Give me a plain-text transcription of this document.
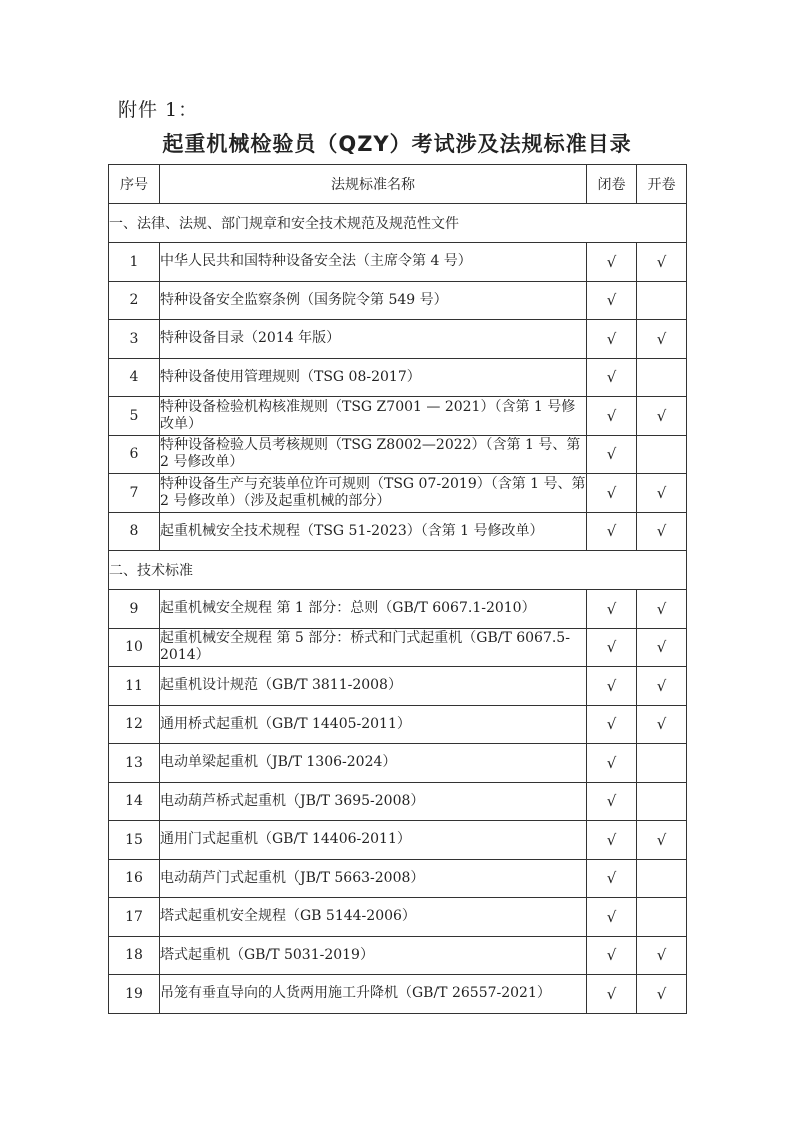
附件 1：
起重机械检验员（QZY）考试涉及法规标准目录
序号	法规标准名称	闭卷	开卷
一、法律、法规、部门规章和安全技术规范及规范性文件			
1	中华人民共和国特种设备安全法（主席令第 4 号）	√	√
2	特种设备安全监察条例（国务院令第 549 号）	√	
3	特种设备目录（2014 年版）	√	√
4	特种设备使用管理规则（TSG 08-2017）	√	
5	特种设备检验机构核准规则（TSG Z7001 — 2021）（含第 1 号修改单）	√	√
6	特种设备检验人员考核规则（TSG Z8002—2022）（含第 1 号、第 2 号修改单）	√	
7	特种设备生产与充装单位许可规则（TSG 07-2019）（含第 1 号、第 2 号修改单）（涉及起重机械的部分）	√	√
8	起重机械安全技术规程（TSG 51-2023）（含第 1 号修改单）	√	√
二、技术标准			
9	起重机械安全规程 第 1 部分：总则（GB/T 6067.1-2010）	√	√
10	起重机械安全规程 第 5 部分：桥式和门式起重机（GB/T 6067.5-2014）	√	√
11	起重机设计规范（GB/T 3811-2008）	√	√
12	通用桥式起重机（GB/T 14405-2011）	√	√
13	电动单梁起重机（JB/T 1306-2024）	√	
14	电动葫芦桥式起重机（JB/T 3695-2008）	√	
15	通用门式起重机（GB/T 14406-2011）	√	√
16	电动葫芦门式起重机（JB/T 5663-2008）	√	
17	塔式起重机安全规程（GB 5144-2006）	√	
18	塔式起重机（GB/T 5031-2019）	√	√
19	吊笼有垂直导向的人货两用施工升降机（GB/T 26557-2021）	√	√
